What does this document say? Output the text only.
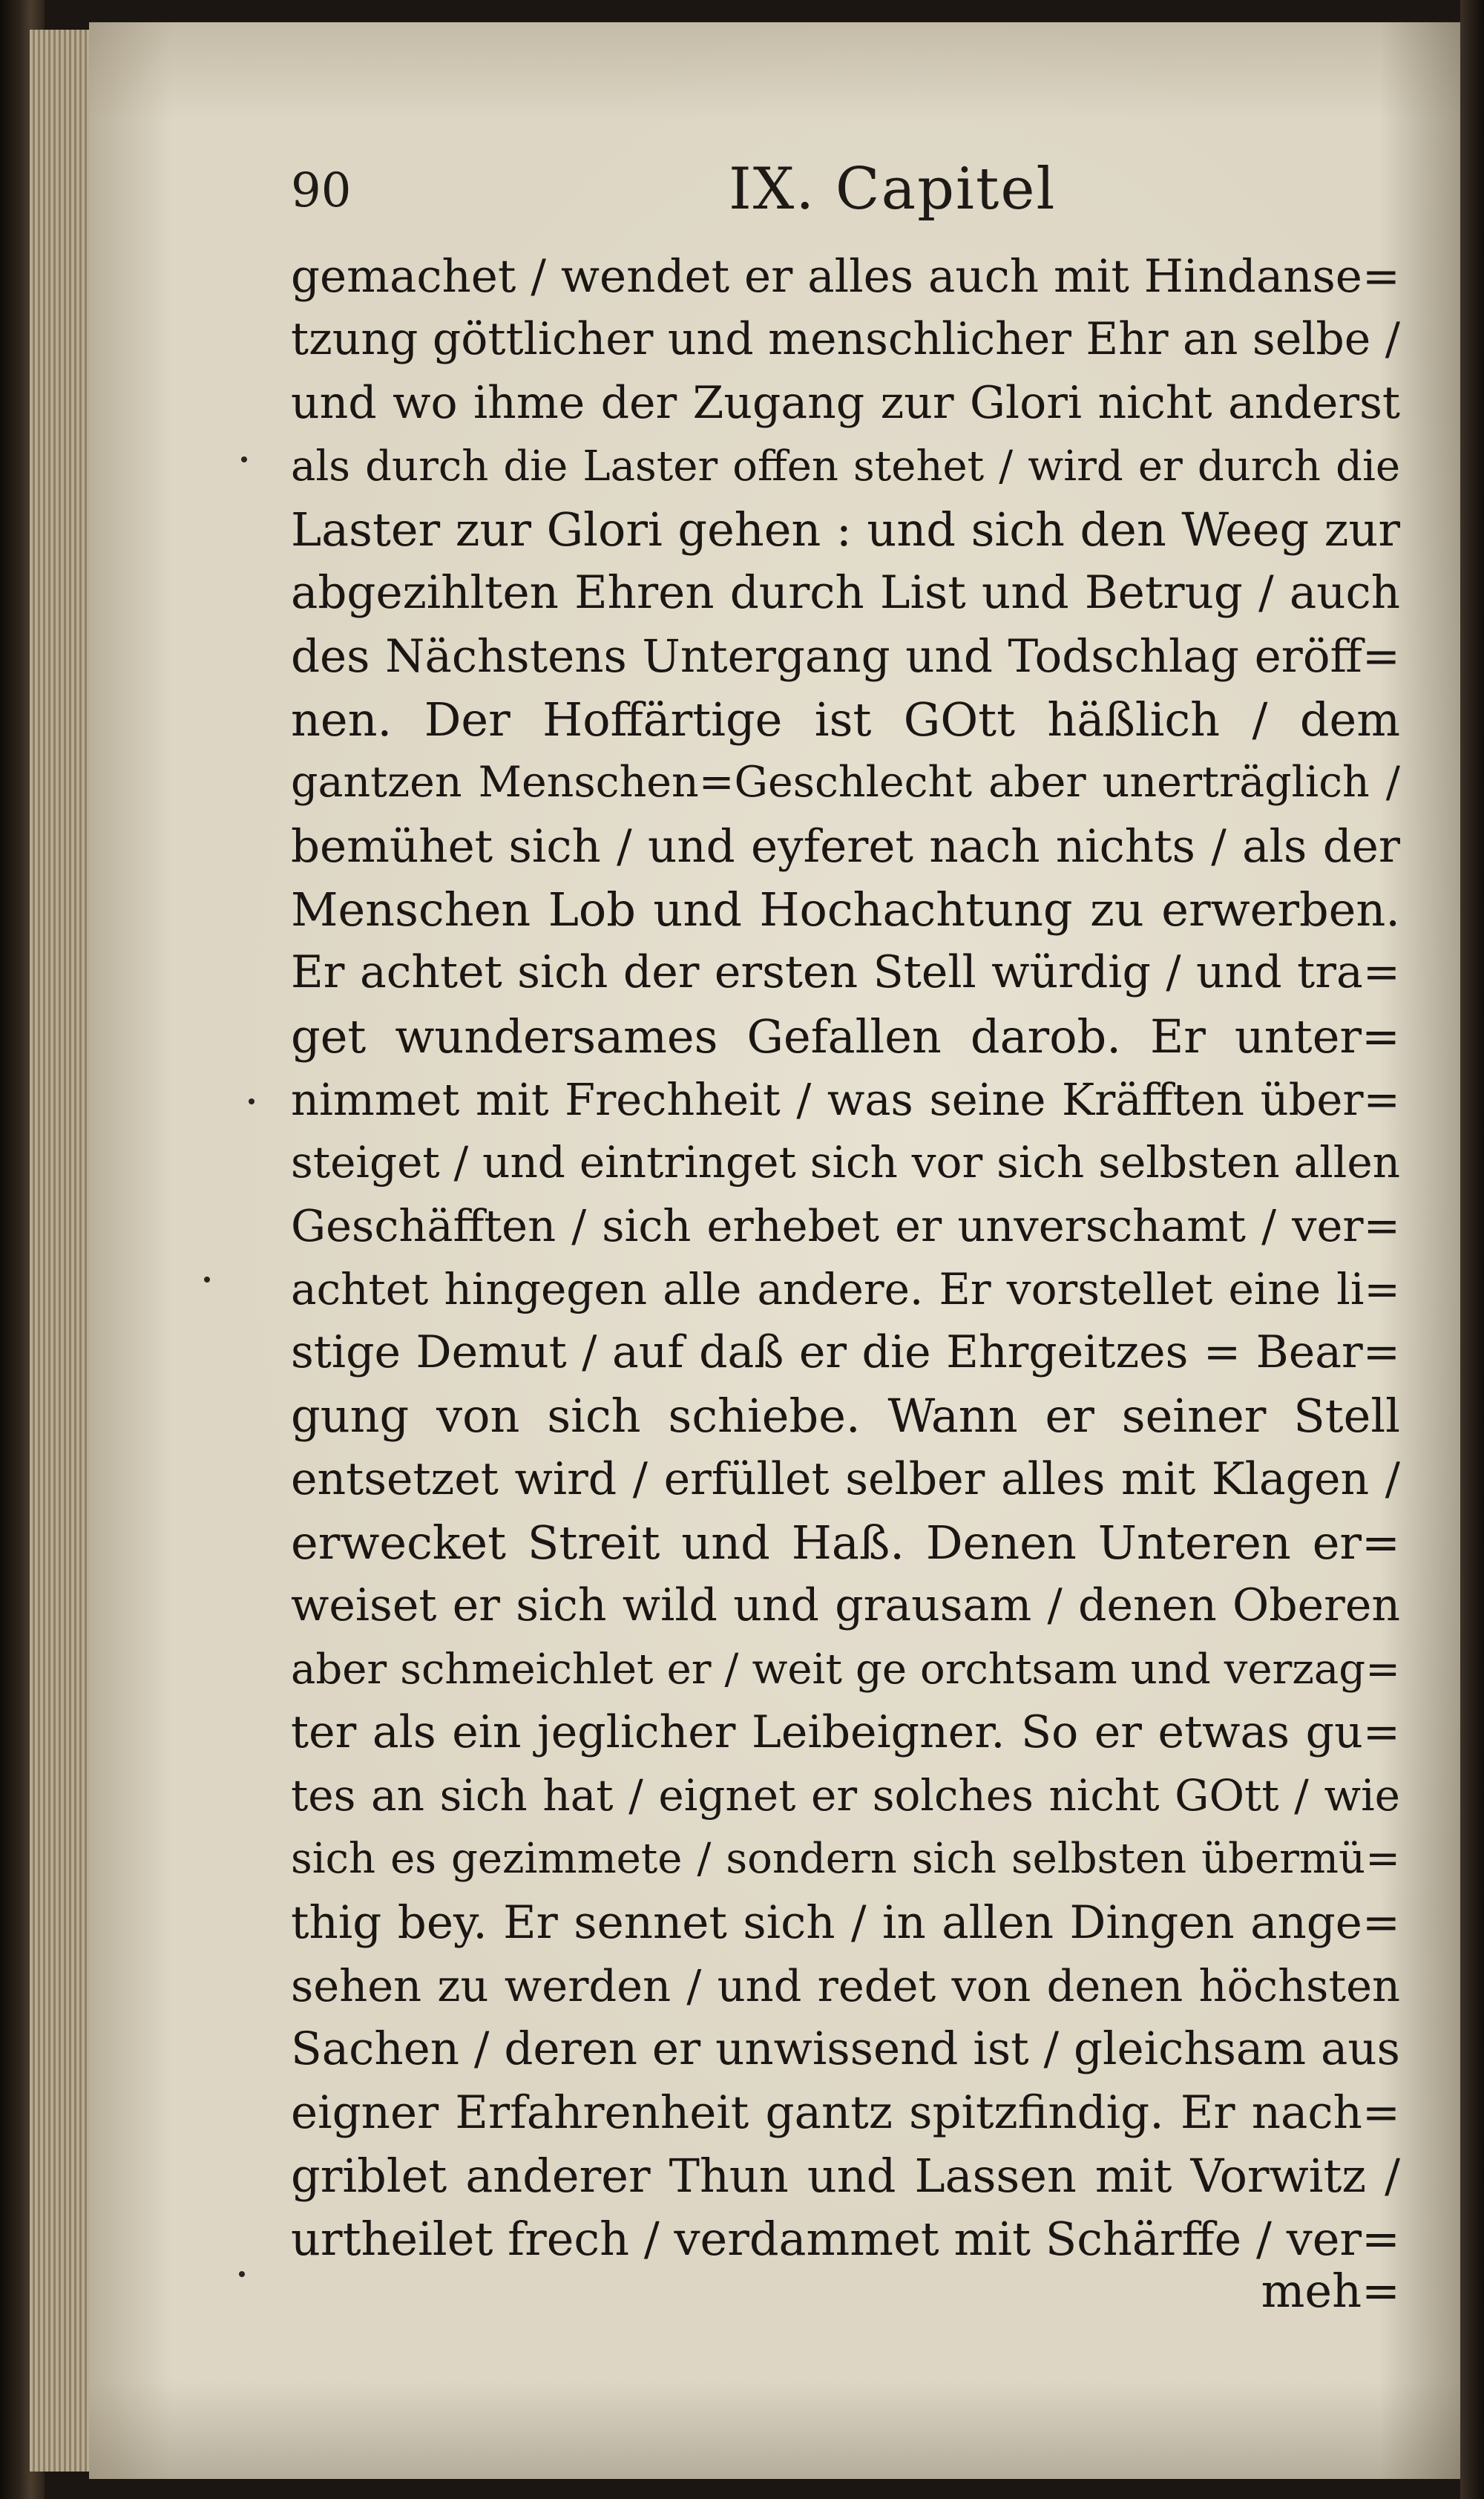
90	IX. Capitel
gemachet / wendet er alles auch mit Hindanse=
tzung göttlicher und menschlicher Ehr an selbe /
und wo ihme der Zugang zur Glori nicht anderst
als durch die Laster offen stehet / wird er durch die
Laster zur Glori gehen : und sich den Weeg zur
abgezihlten Ehren durch List und Betrug / auch
des Nächstens Untergang und Todschlag eröff=
nen. Der Hoffärtige ist GOtt häßlich / dem
gantzen Menschen=Geschlecht aber unerträglich /
bemühet sich / und eyferet nach nichts / als der
Menschen Lob und Hochachtung zu erwerben.
Er achtet sich der ersten Stell würdig / und tra=
get wundersames Gefallen darob. Er unter=
nimmet mit Frechheit / was seine Kräfften über=
steiget / und eintringet sich vor sich selbsten allen
Geschäfften / sich erhebet er unverschamt / ver=
achtet hingegen alle andere. Er vorstellet eine li=
stige Demut / auf daß er die Ehrgeitzes = Bear=
gung von sich schiebe. Wann er seiner Stell
entsetzet wird / erfüllet selber alles mit Klagen /
erwecket Streit und Haß. Denen Unteren er=
weiset er sich wild und grausam / denen Oberen
aber schmeichlet er / weit ge orchtsam und verzag=
ter als ein jeglicher Leibeigner. So er etwas gu=
tes an sich hat / eignet er solches nicht GOtt / wie
sich es gezimmete / sondern sich selbsten übermü=
thig bey. Er sennet sich / in allen Dingen ange=
sehen zu werden / und redet von denen höchsten
Sachen / deren er unwissend ist / gleichsam aus
eigner Erfahrenheit gantz spitzfindig. Er nach=
griblet anderer Thun und Lassen mit Vorwitz /
urtheilet frech / verdammet mit Schärffe / ver=
meh=
